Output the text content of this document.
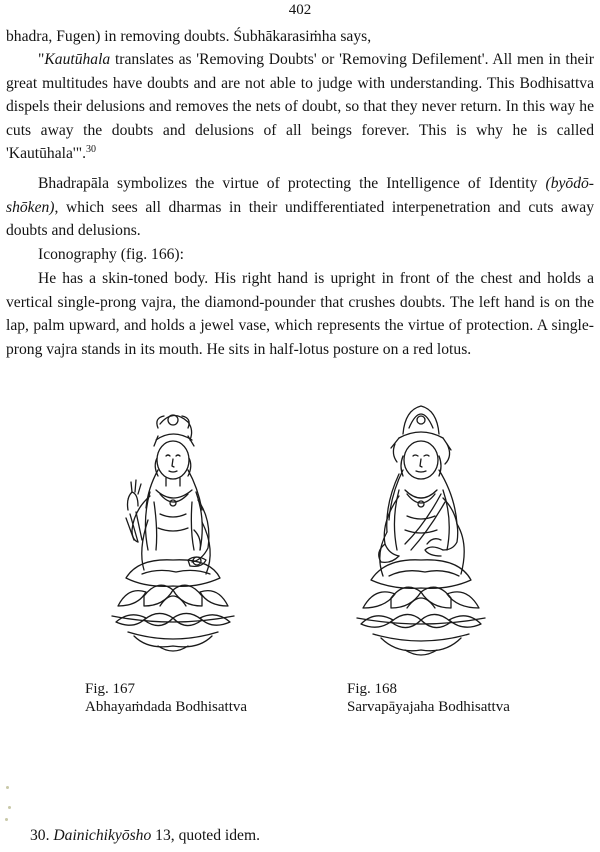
402
bhadra, Fugen) in removing doubts. Śubhākarasiṁha says,

"Kautūhala translates as 'Removing Doubts' or 'Removing Defilement'. All men in their great multitudes have doubts and are not able to judge with understanding. This Bodhisattva dispels their delusions and removes the nets of doubt, so that they never return. In this way he cuts away the doubts and delusions of all beings forever. This is why he is called 'Kautūhala'".$^{30}$

Bhadrapāla symbolizes the virtue of protecting the Intelligence of Identity (byōdō-shōken), which sees all dharmas in their undifferentiated interpenetration and cuts away doubts and delusions.

Iconography (fig. 166):

He has a skin-toned body. His right hand is upright in front of the chest and holds a vertical single-prong vajra, the diamond-pounder that crushes doubts. The left hand is on the lap, palm upward, and holds a jewel vase, which represents the virtue of protection. A single-prong vajra stands in its mouth. He sits in half-lotus posture on a red lotus.

Fig. 167
Abhayaṁdada Bodhisattva
Fig. 168
Sarvapāyajaha Bodhisattva
30. Dainichikyōsho 13, quoted idem.
